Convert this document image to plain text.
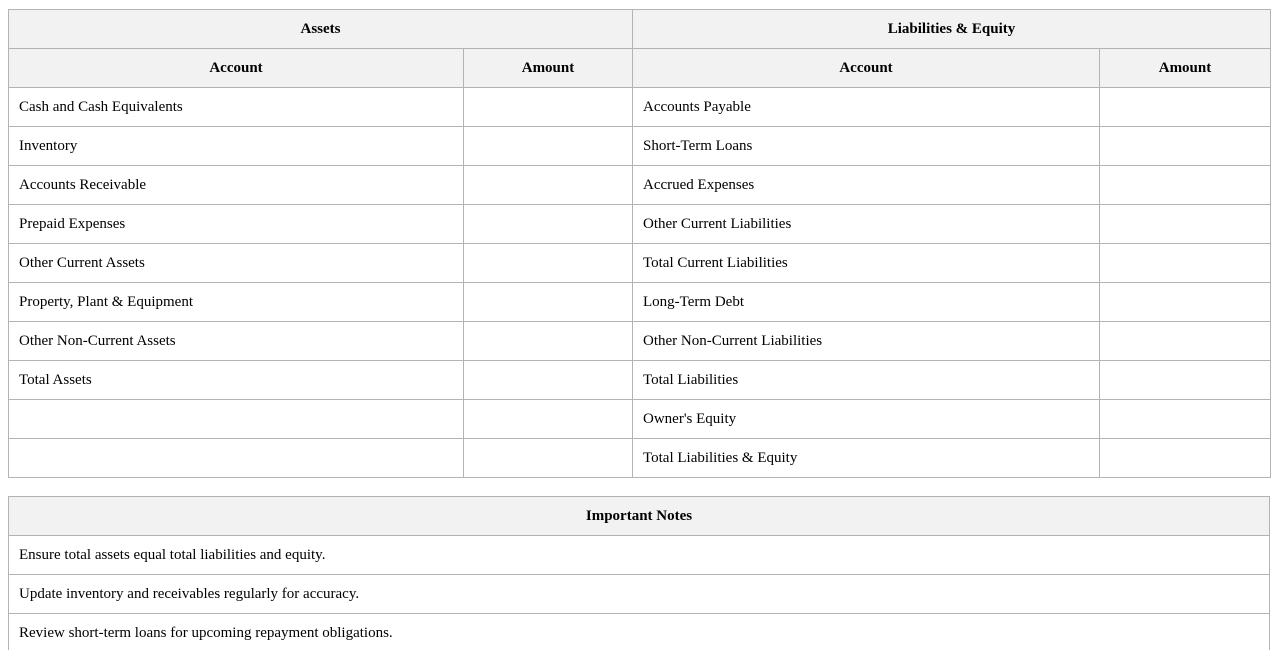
Assets		Liabilities & Equity	
Account	Amount	Account	Amount
Cash and Cash Equivalents		Accounts Payable	
Inventory		Short-Term Loans	
Accounts Receivable		Accrued Expenses	
Prepaid Expenses		Other Current Liabilities	
Other Current Assets		Total Current Liabilities	
Property, Plant & Equipment		Long-Term Debt	
Other Non-Current Assets		Other Non-Current Liabilities	
Total Assets		Total Liabilities	
		Owner's Equity	
		Total Liabilities & Equity	
Important Notes
Ensure total assets equal total liabilities and equity.
Update inventory and receivables regularly for accuracy.
Review short-term loans for upcoming repayment obligations.
